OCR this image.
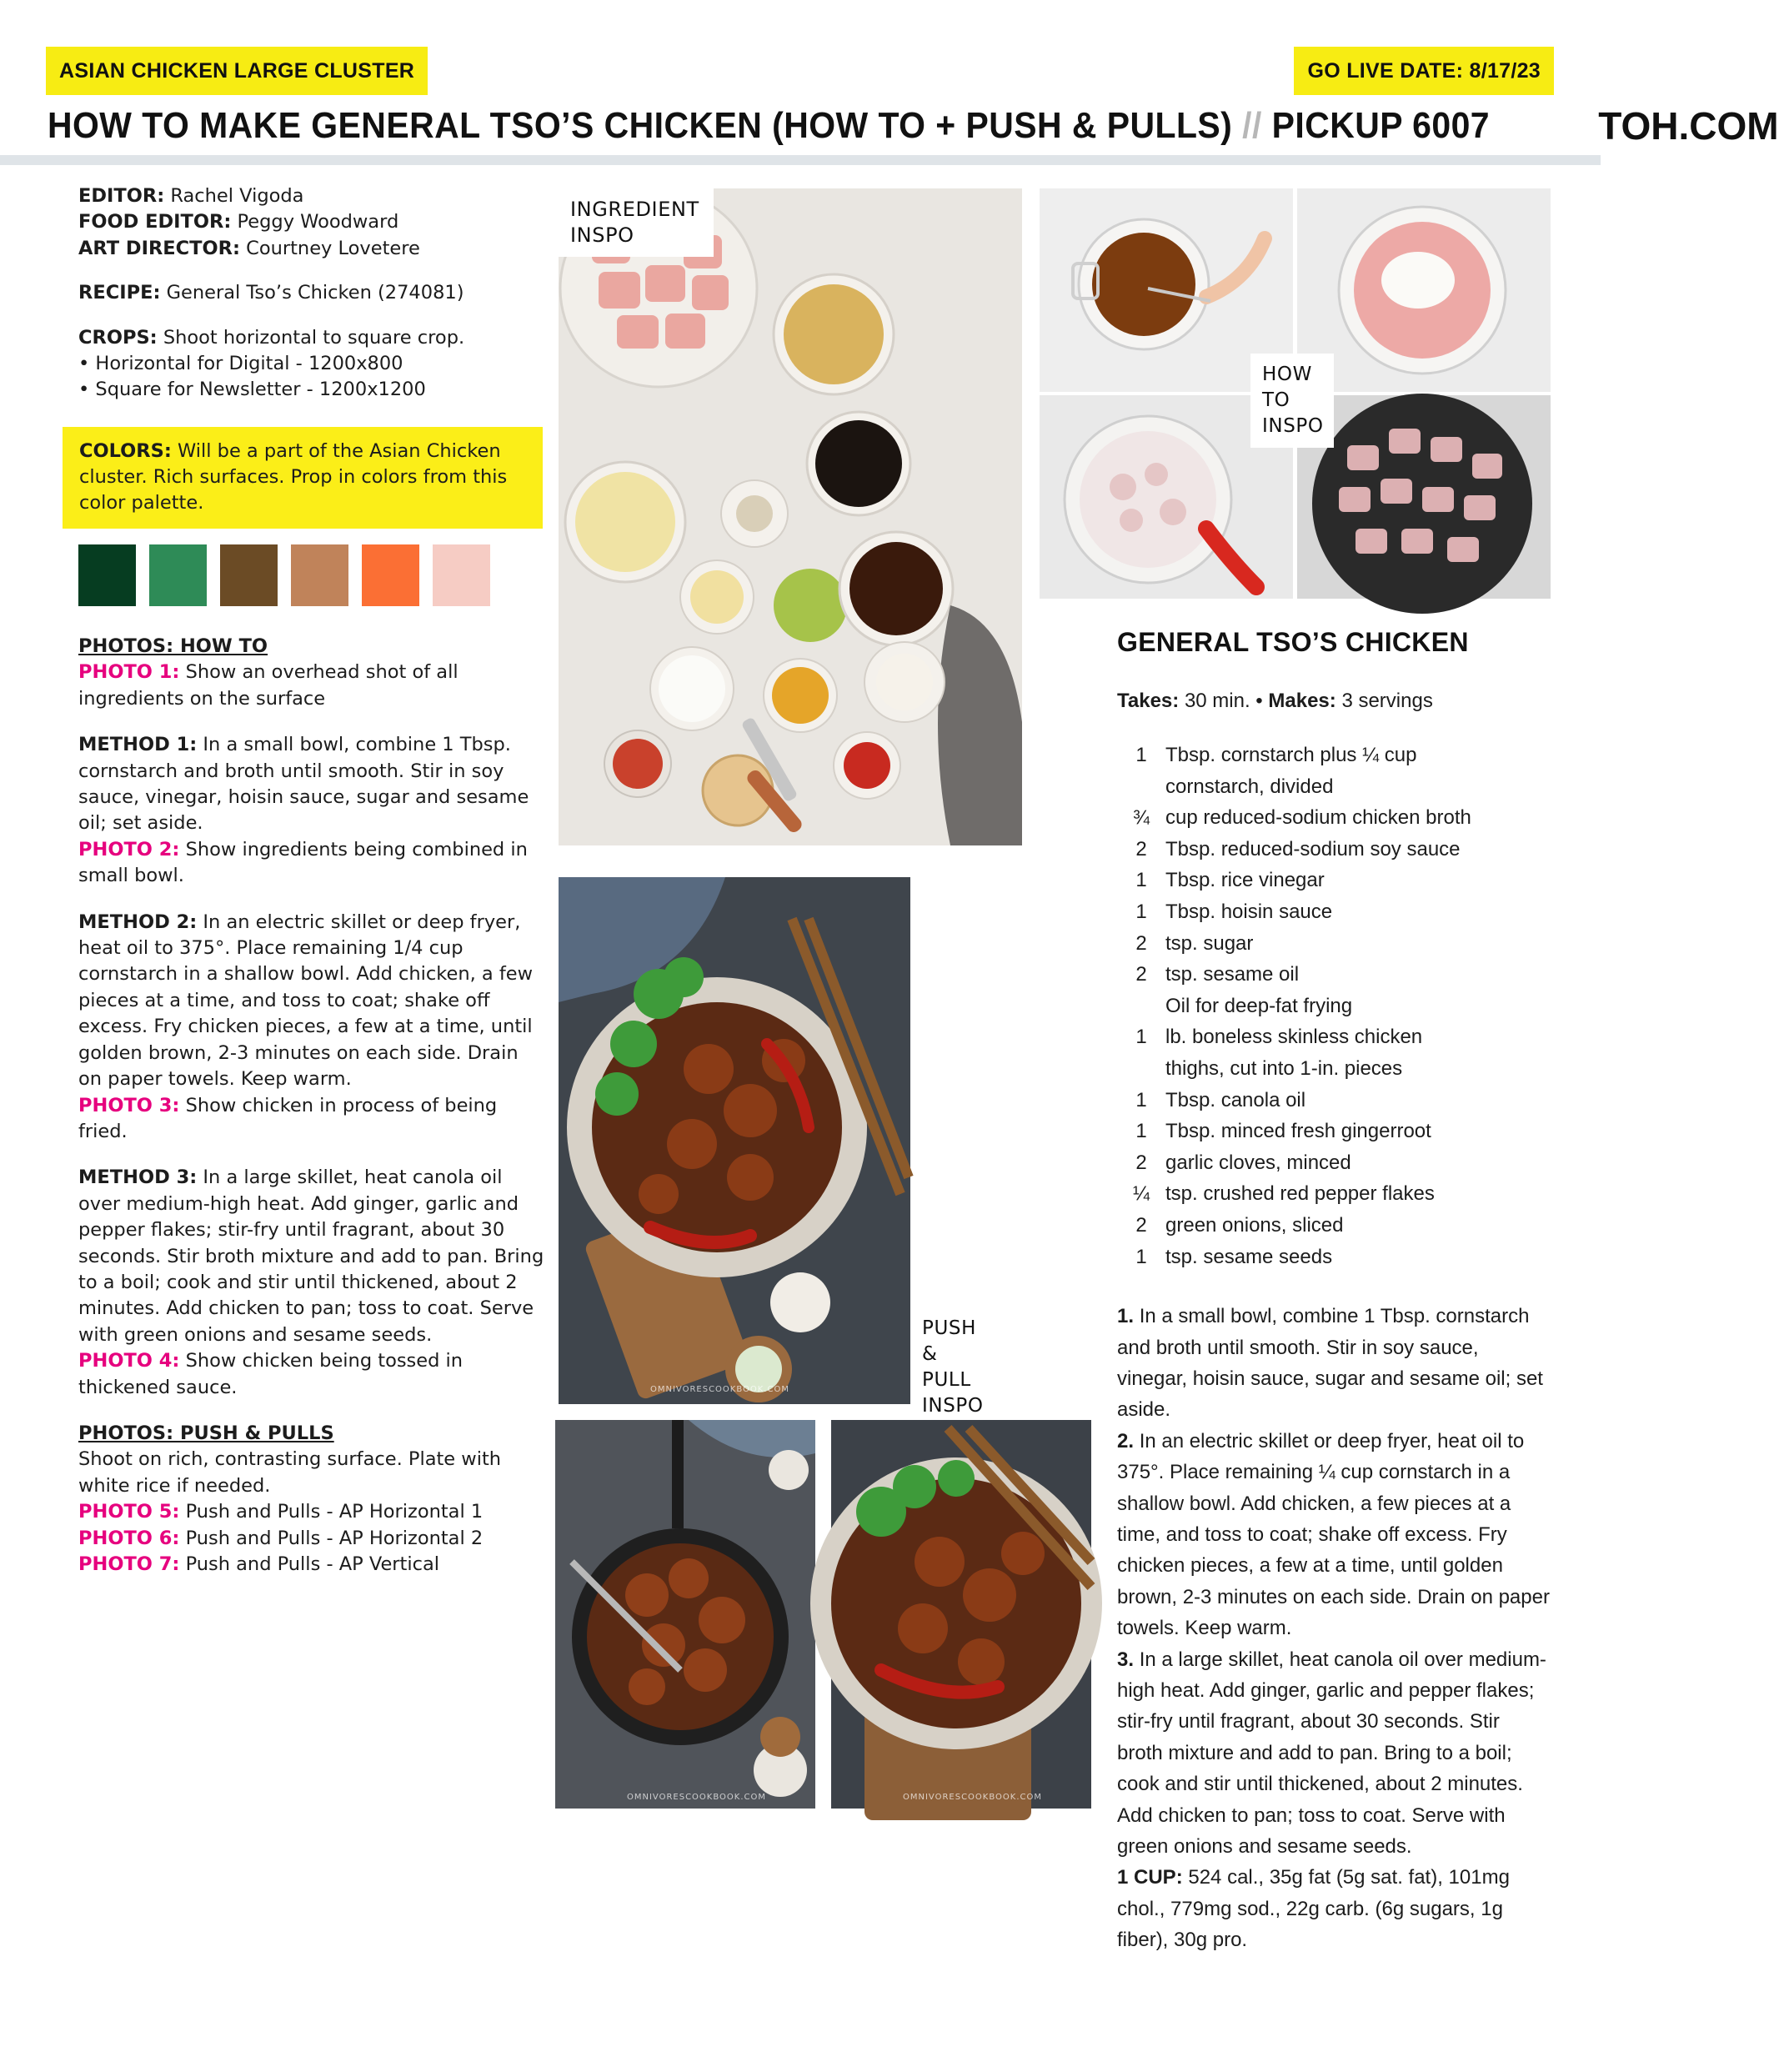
ASIAN CHICKEN LARGE CLUSTER	GO LIVE DATE: 8/17/23
HOW TO MAKE GENERAL TSO’S CHICKEN (HOW TO + PUSH & PULLS) // PICKUP 6007	TOH.COM

EDITOR: Rachel Vigoda
FOOD EDITOR: Peggy Woodward
ART DIRECTOR: Courtney Lovetere

RECIPE: General Tso’s Chicken (274081)

CROPS: Shoot horizontal to square crop.
• Horizontal for Digital - 1200x800
• Square for Newsletter - 1200x1200

COLORS: Will be a part of the Asian Chicken cluster. Rich surfaces. Prop in colors from this color palette.

PHOTOS: HOW TO
PHOTO 1: Show an overhead shot of all ingredients on the surface

METHOD 1: In a small bowl, combine 1 Tbsp. cornstarch and broth until smooth. Stir in soy sauce, vinegar, hoisin sauce, sugar and sesame oil; set aside.
PHOTO 2: Show ingredients being combined in small bowl.

METHOD 2: In an electric skillet or deep fryer, heat oil to 375°. Place remaining 1/4 cup cornstarch in a shallow bowl. Add chicken, a few pieces at a time, and toss to coat; shake off excess. Fry chicken pieces, a few at a time, until golden brown, 2-3 minutes on each side. Drain on paper towels. Keep warm.
PHOTO 3: Show chicken in process of being fried.

METHOD 3: In a large skillet, heat canola oil over medium-high heat. Add ginger, garlic and pepper flakes; stir-fry until fragrant, about 30 seconds. Stir broth mixture and add to pan. Bring to a boil; cook and stir until thickened, about 2 minutes. Add chicken to pan; toss to coat. Serve with green onions and sesame seeds.
PHOTO 4: Show chicken being tossed in thickened sauce.

PHOTOS: PUSH & PULLS
Shoot on rich, contrasting surface. Plate with white rice if needed.
PHOTO 5: Push and Pulls - AP Horizontal 1
PHOTO 6: Push and Pulls - AP Horizontal 2
PHOTO 7: Push and Pulls - AP Vertical

INGREDIENT INSPO
HOW TO INSPO
OMNIVORESCOOKBOOK.COM
PUSH & PULL INSPO
OMNIVORESCOOKBOOK.COM	OMNIVORESCOOKBOOK.COM
GENERAL TSO’S CHICKEN
Takes: 30 min. • Makes: 3 servings
1 Tbsp. cornstarch plus ¼ cup
cornstarch, divided
¾ cup reduced-sodium chicken broth
2 Tbsp. reduced-sodium soy sauce
1 Tbsp. rice vinegar
1 Tbsp. hoisin sauce
2 tsp. sugar
2 tsp. sesame oil
Oil for deep-fat frying
1 lb. boneless skinless chicken
thighs, cut into 1-in. pieces
1 Tbsp. canola oil
1 Tbsp. minced fresh gingerroot
2 garlic cloves, minced
¼ tsp. crushed red pepper flakes
2 green onions, sliced
1 tsp. sesame seeds
1. In a small bowl, combine 1 Tbsp. cornstarch and broth until smooth. Stir in soy sauce, vinegar, hoisin sauce, sugar and sesame oil; set aside.
2. In an electric skillet or deep fryer, heat oil to 375°. Place remaining ¼ cup cornstarch in a shallow bowl. Add chicken, a few pieces at a time, and toss to coat; shake off excess. Fry chicken pieces, a few at a time, until golden brown, 2-3 minutes on each side. Drain on paper towels. Keep warm.
3. In a large skillet, heat canola oil over medium-high heat. Add ginger, garlic and pepper flakes; stir-fry until fragrant, about 30 seconds. Stir broth mixture and add to pan. Bring to a boil; cook and stir until thickened, about 2 minutes. Add chicken to pan; toss to coat. Serve with green onions and sesame seeds.
1 CUP: 524 cal., 35g fat (5g sat. fat), 101mg chol., 779mg sod., 22g carb. (6g sugars, 1g fiber), 30g pro.
